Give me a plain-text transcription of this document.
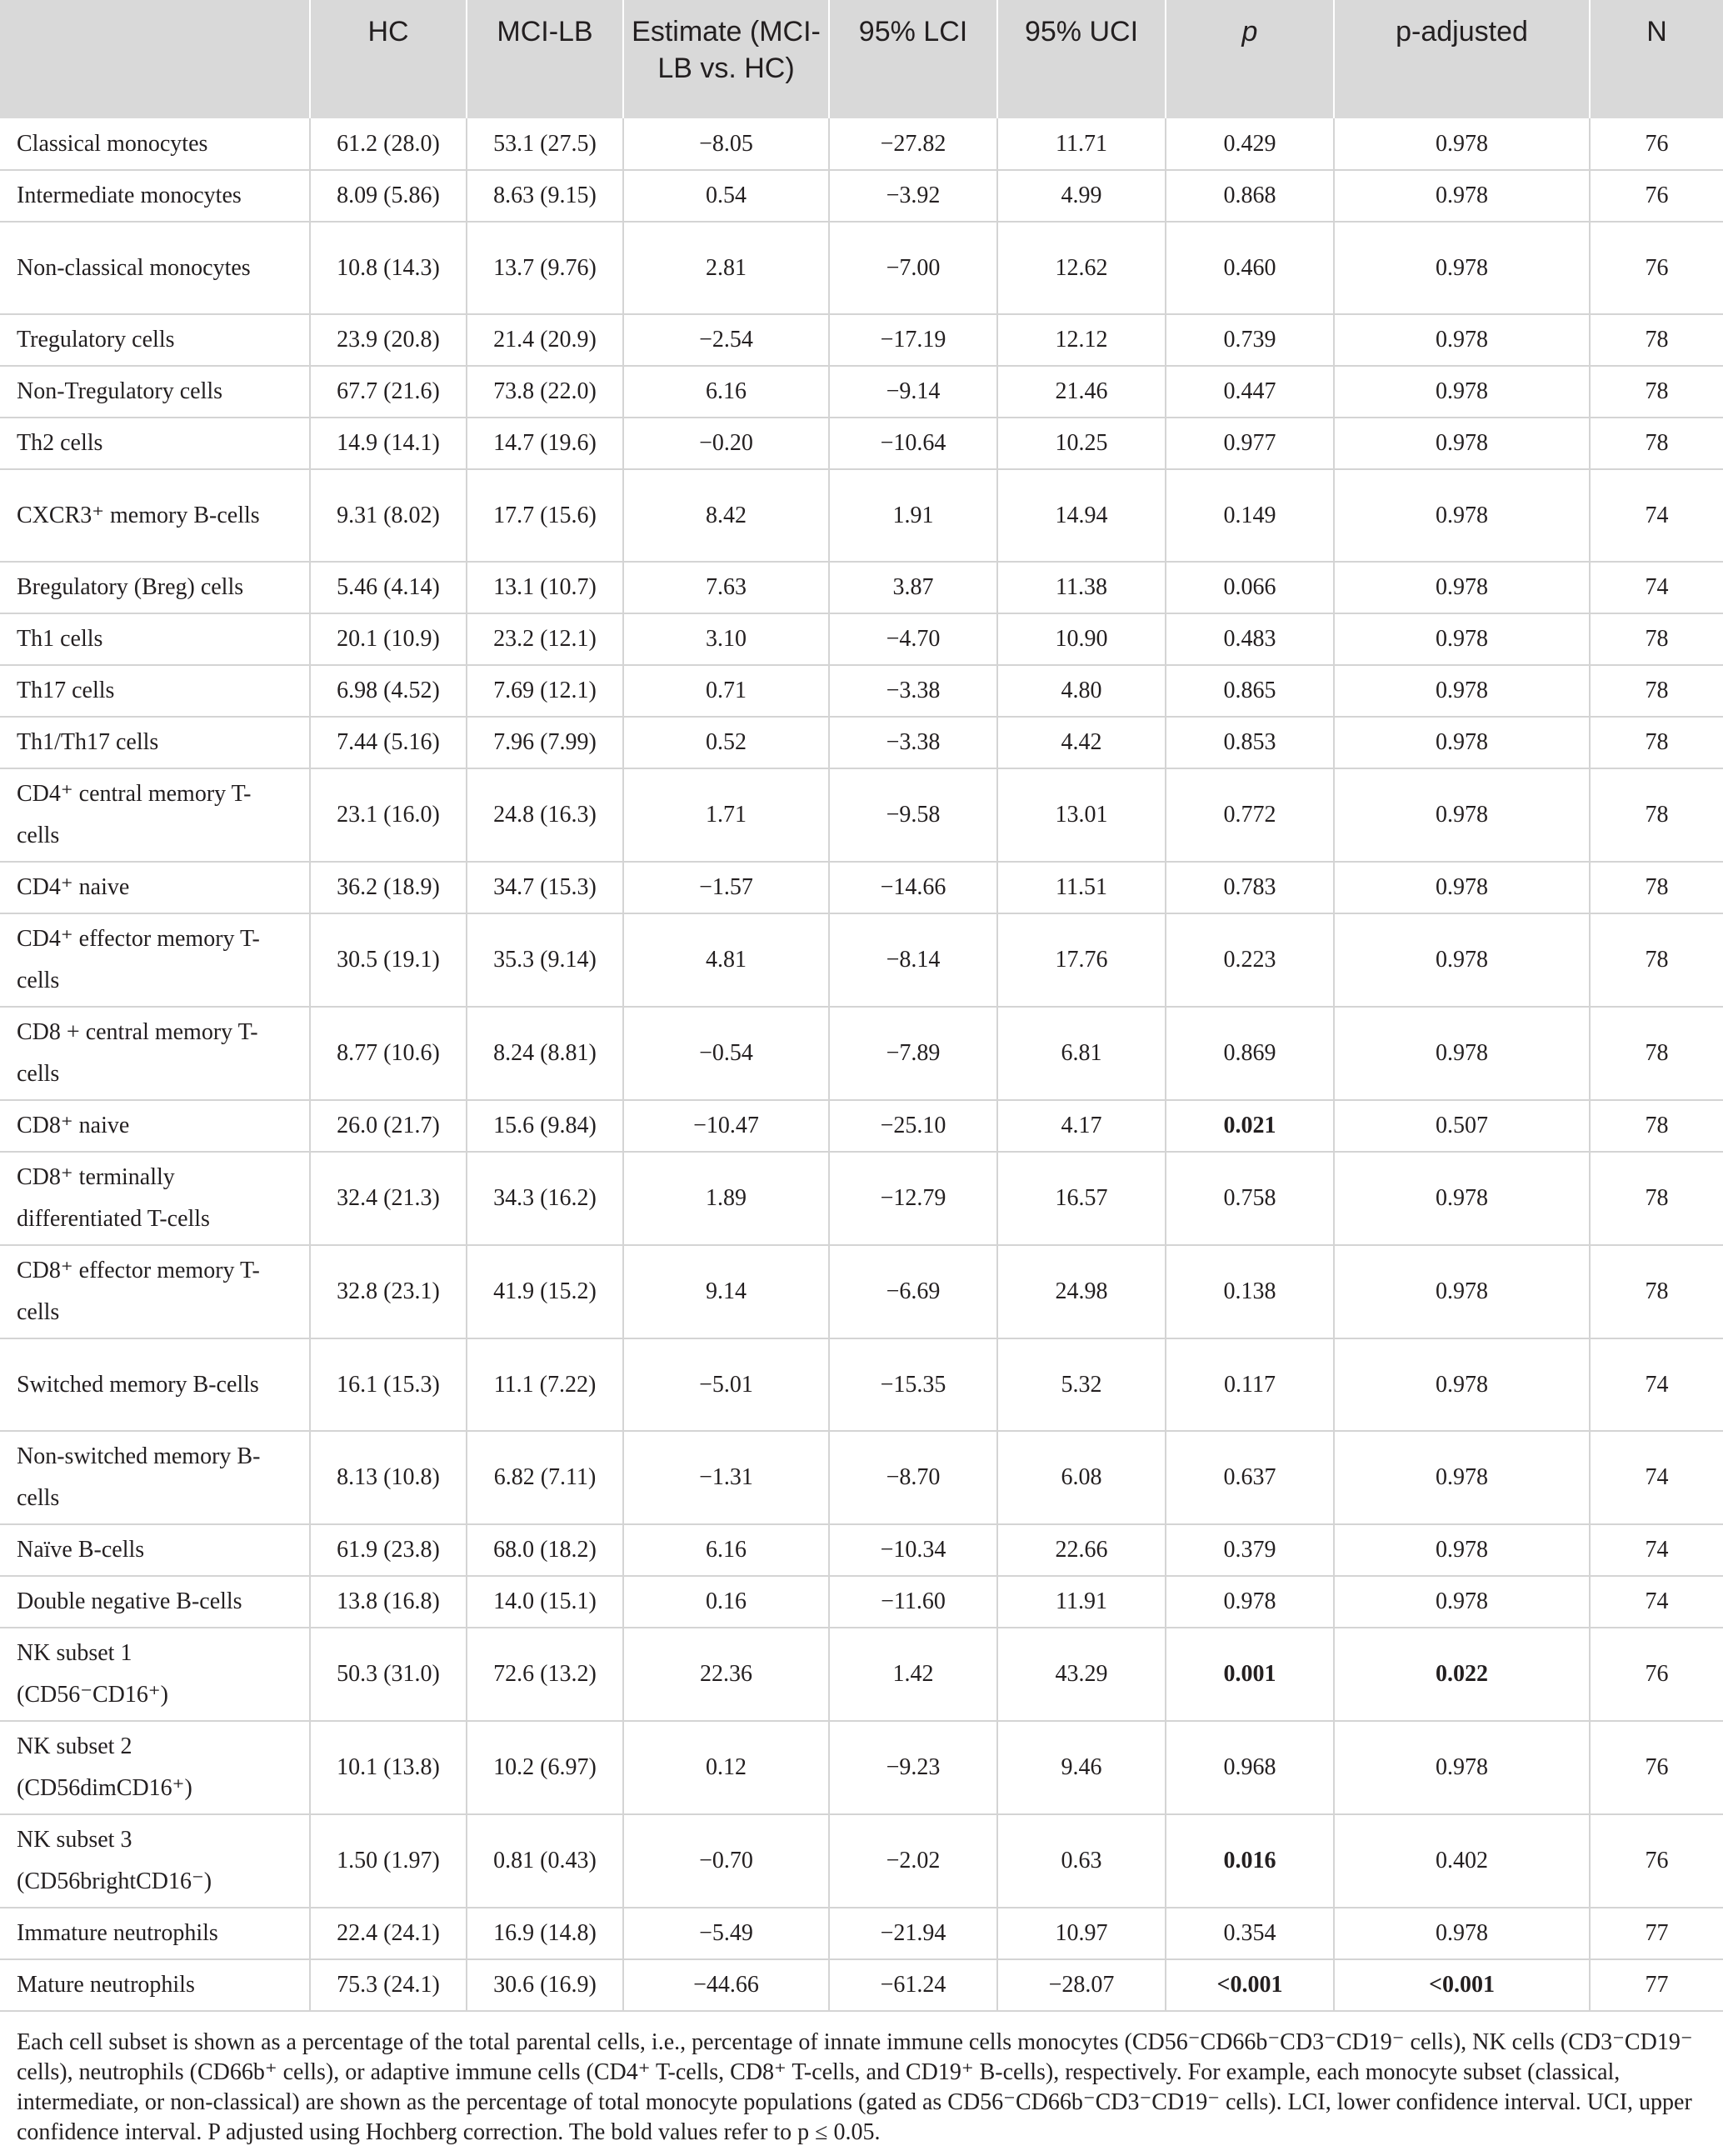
	HC	MCI-LB	Estimate (MCI-LB vs. HC)	95% LCI	95% UCI	p	p-adjusted	N
Classical monocytes	61.2 (28.0)	53.1 (27.5)	−8.05	−27.82	11.71	0.429	0.978	76
Intermediate monocytes	8.09 (5.86)	8.63 (9.15)	0.54	−3.92	4.99	0.868	0.978	76
Non-classical monocytes	10.8 (14.3)	13.7 (9.76)	2.81	−7.00	12.62	0.460	0.978	76
Tregulatory cells	23.9 (20.8)	21.4 (20.9)	−2.54	−17.19	12.12	0.739	0.978	78
Non-Tregulatory cells	67.7 (21.6)	73.8 (22.0)	6.16	−9.14	21.46	0.447	0.978	78
Th2 cells	14.9 (14.1)	14.7 (19.6)	−0.20	−10.64	10.25	0.977	0.978	78
CXCR3⁺ memory B-cells	9.31 (8.02)	17.7 (15.6)	8.42	1.91	14.94	0.149	0.978	74
Bregulatory (Breg) cells	5.46 (4.14)	13.1 (10.7)	7.63	3.87	11.38	0.066	0.978	74
Th1 cells	20.1 (10.9)	23.2 (12.1)	3.10	−4.70	10.90	0.483	0.978	78
Th17 cells	6.98 (4.52)	7.69 (12.1)	0.71	−3.38	4.80	0.865	0.978	78
Th1/Th17 cells	7.44 (5.16)	7.96 (7.99)	0.52	−3.38	4.42	0.853	0.978	78
CD4⁺ central memory T-cells	23.1 (16.0)	24.8 (16.3)	1.71	−9.58	13.01	0.772	0.978	78
CD4⁺ naive	36.2 (18.9)	34.7 (15.3)	−1.57	−14.66	11.51	0.783	0.978	78
CD4⁺ effector memory T-cells	30.5 (19.1)	35.3 (9.14)	4.81	−8.14	17.76	0.223	0.978	78
CD8 + central memory T-cells	8.77 (10.6)	8.24 (8.81)	−0.54	−7.89	6.81	0.869	0.978	78
CD8⁺ naive	26.0 (21.7)	15.6 (9.84)	−10.47	−25.10	4.17	0.021	0.507	78
CD8⁺ terminally differentiated T-cells	32.4 (21.3)	34.3 (16.2)	1.89	−12.79	16.57	0.758	0.978	78
CD8⁺ effector memory T-cells	32.8 (23.1)	41.9 (15.2)	9.14	−6.69	24.98	0.138	0.978	78
Switched memory B-cells	16.1 (15.3)	11.1 (7.22)	−5.01	−15.35	5.32	0.117	0.978	74
Non-switched memory B-cells	8.13 (10.8)	6.82 (7.11)	−1.31	−8.70	6.08	0.637	0.978	74
Naïve B-cells	61.9 (23.8)	68.0 (18.2)	6.16	−10.34	22.66	0.379	0.978	74
Double negative B-cells	13.8 (16.8)	14.0 (15.1)	0.16	−11.60	11.91	0.978	0.978	74
NK subset 1 (CD56⁻CD16⁺)	50.3 (31.0)	72.6 (13.2)	22.36	1.42	43.29	0.001	0.022	76
NK subset 2 (CD56dimCD16⁺)	10.1 (13.8)	10.2 (6.97)	0.12	−9.23	9.46	0.968	0.978	76
NK subset 3 (CD56brightCD16⁻)	1.50 (1.97)	0.81 (0.43)	−0.70	−2.02	0.63	0.016	0.402	76
Immature neutrophils	22.4 (24.1)	16.9 (14.8)	−5.49	−21.94	10.97	0.354	0.978	77
Mature neutrophils	75.3 (24.1)	30.6 (16.9)	−44.66	−61.24	−28.07	<0.001	<0.001	77
Each cell subset is shown as a percentage of the total parental cells, i.e., percentage of innate immune cells monocytes (CD56⁻CD66b⁻CD3⁻CD19⁻ cells), NK cells (CD3⁻CD19⁻ cells), neutrophils (CD66b⁺ cells), or adaptive immune cells (CD4⁺ T-cells, CD8⁺ T-cells, and CD19⁺ B-cells), respectively. For example, each monocyte subset (classical, intermediate, or non-classical) are shown as the percentage of total monocyte populations (gated as CD56⁻CD66b⁻CD3⁻CD19⁻ cells). LCI, lower confidence interval. UCI, upper confidence interval. P adjusted using Hochberg correction. The bold values refer to p ≤ 0.05.
